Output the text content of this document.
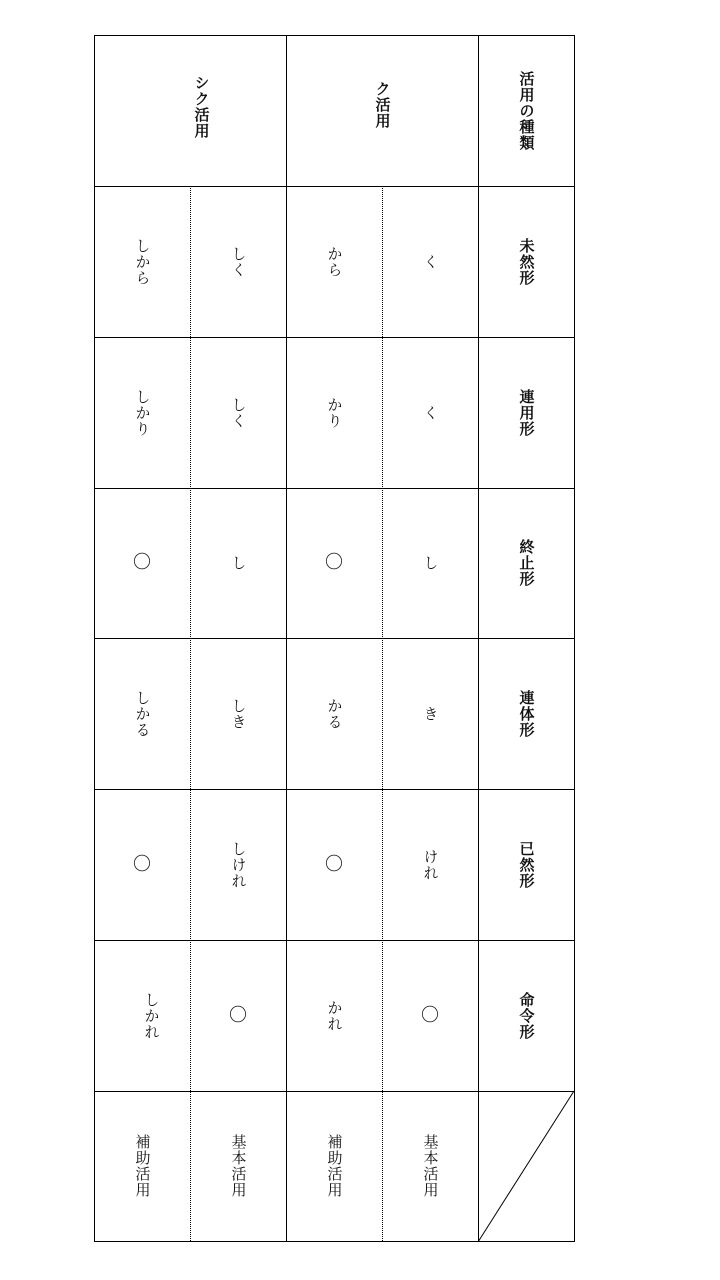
活用の種類
ク活用
シク活用
未然形
く
から
しく
しから
連用形
く
かり
しく
しかり
終止形
し
〇
し
〇
連体形
き
かる
しき
しかる
已然形
けれ
〇
しけれ
〇
命令形
〇
かれ
〇
しかれ
基本活用
補助活用
基本活用
補助活用
